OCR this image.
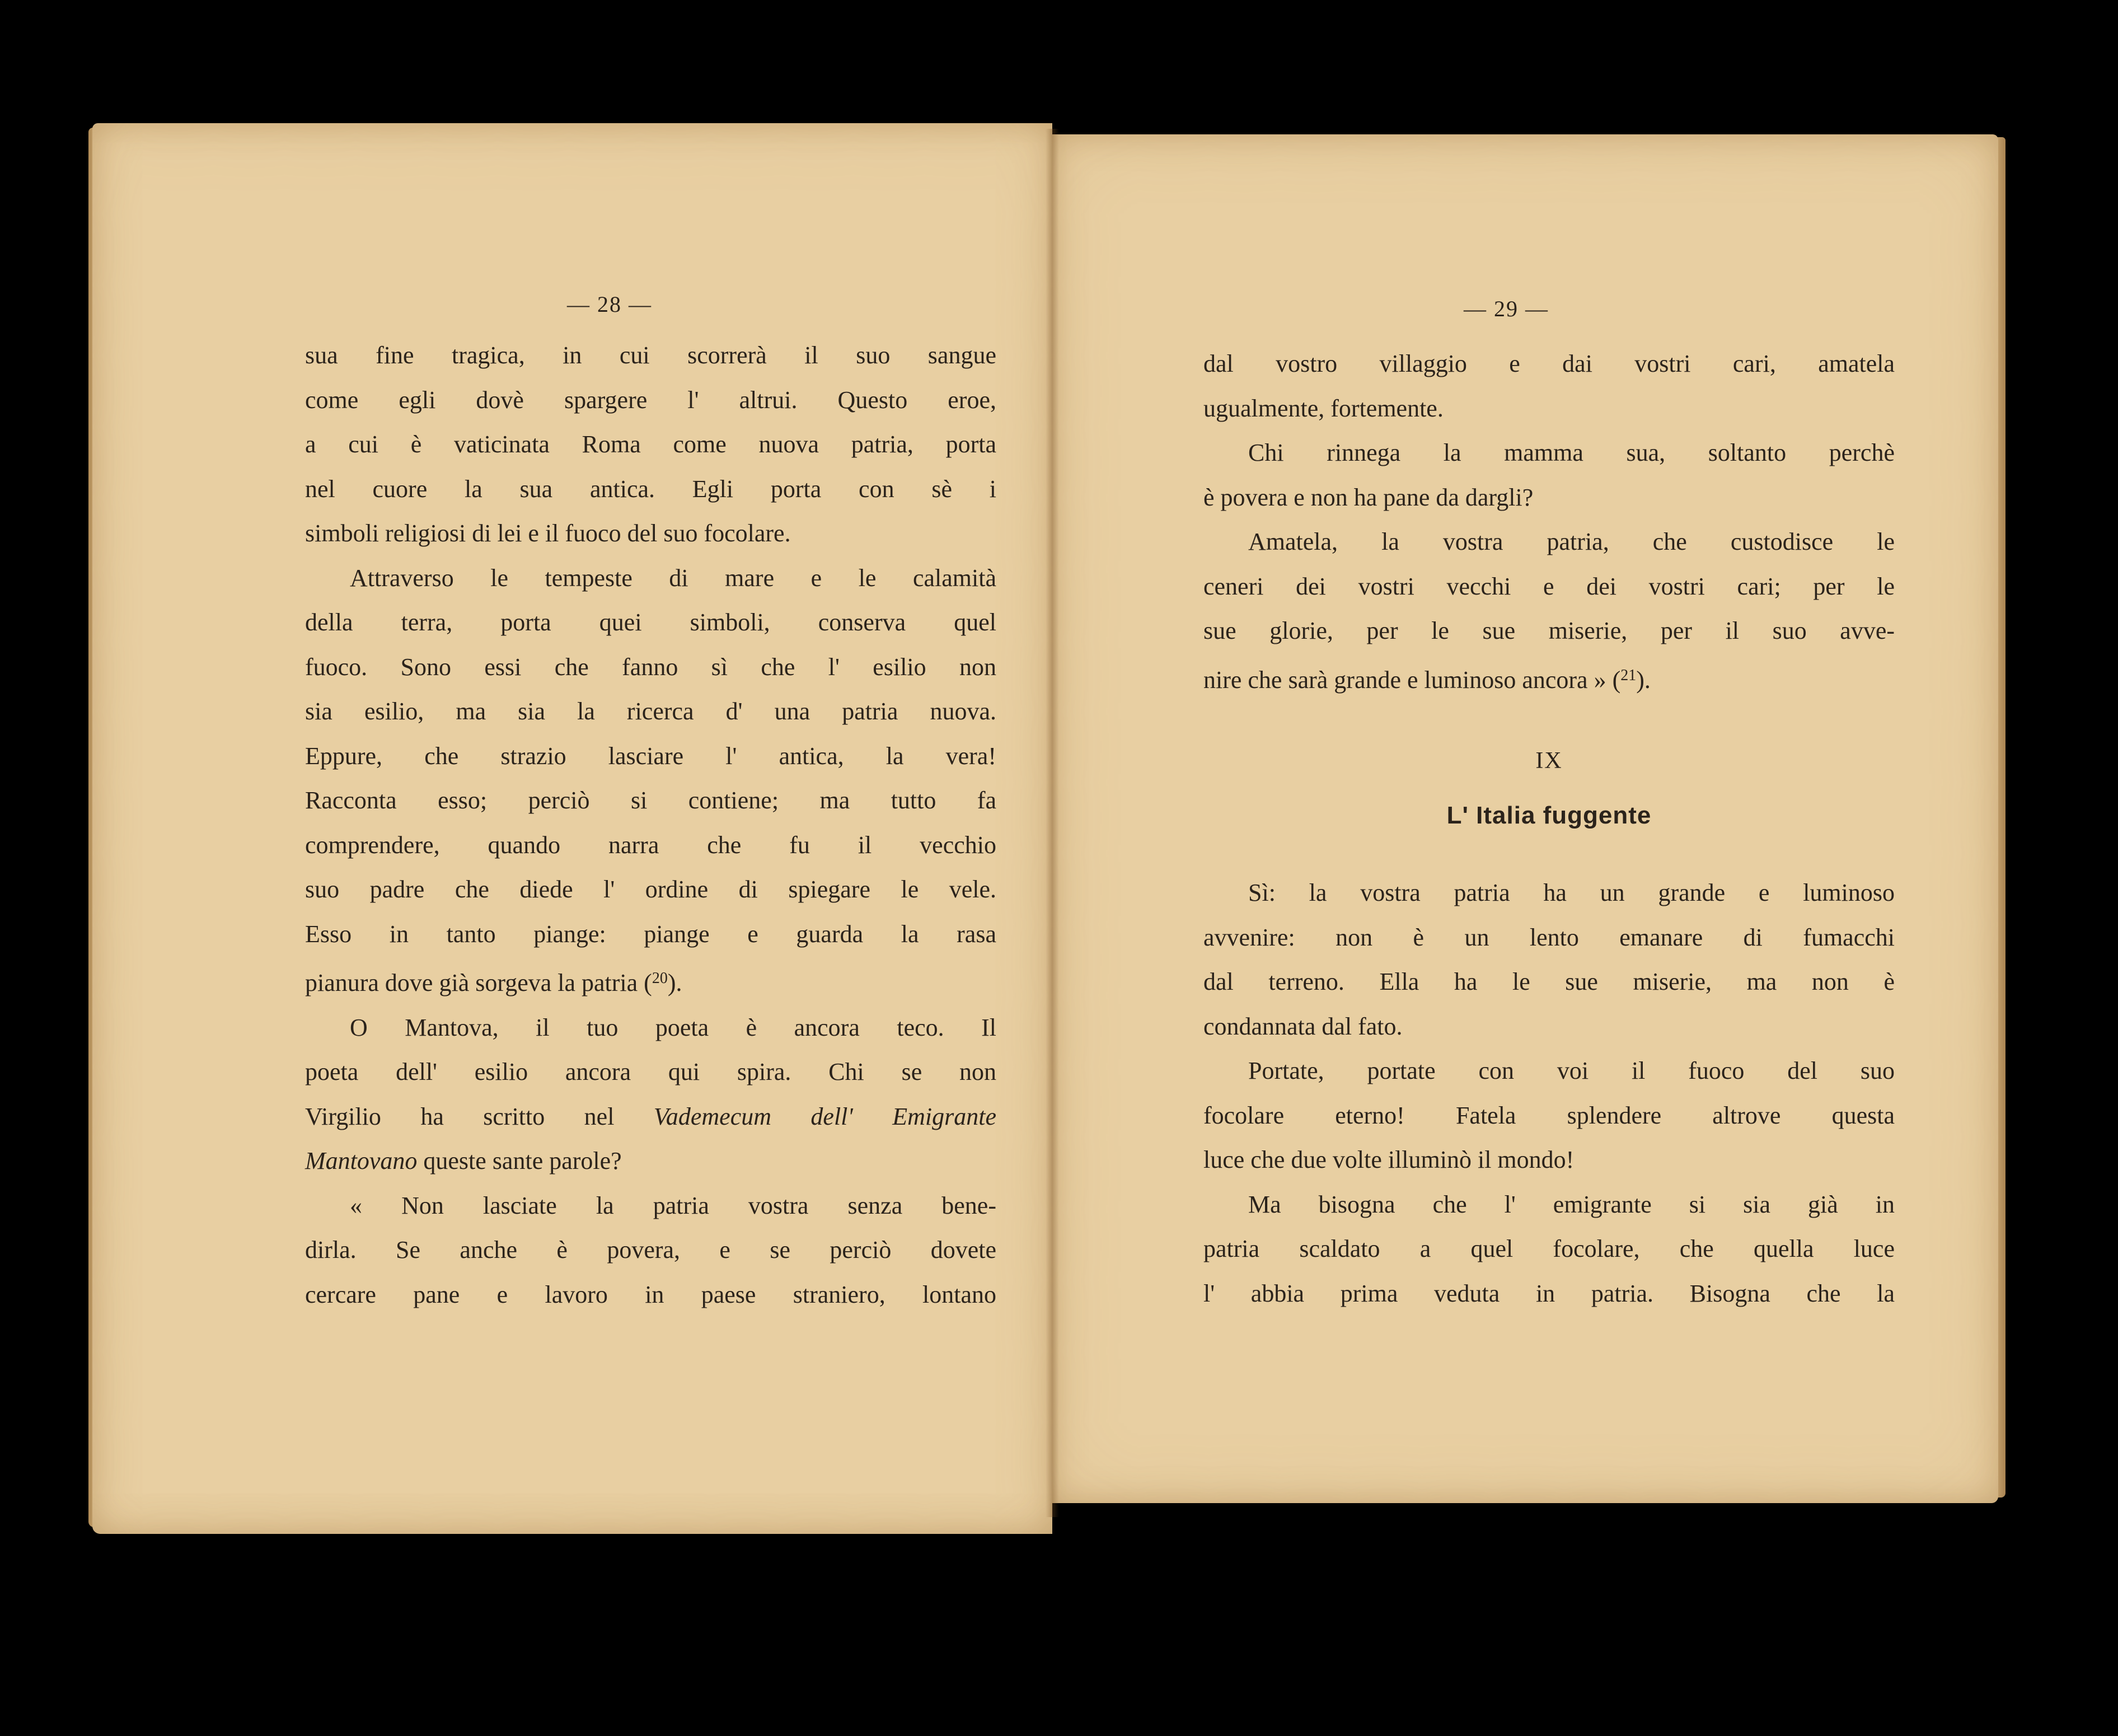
— 28 —
sua fine tragica, in cui scorrerà il suo sangue
come egli dovè spargere l' altrui. Questo eroe,
a cui è vaticinata Roma come nuova patria, porta
nel cuore la sua antica. Egli porta con sè i
simboli religiosi di lei e il fuoco del suo focolare.
Attraverso le tempeste di mare e le calamità
della terra, porta quei simboli, conserva quel
fuoco. Sono essi che fanno sì che l' esilio non
sia esilio, ma sia la ricerca d' una patria nuova.
Eppure, che strazio lasciare l' antica, la vera!
Racconta esso; perciò si contiene; ma tutto fa
comprendere, quando narra che fu il vecchio
suo padre che diede l' ordine di spiegare le vele.
Esso in tanto piange: piange e guarda la rasa
pianura dove già sorgeva la patria ($^{20}$).
O Mantova, il tuo poeta è ancora teco. Il
poeta dell' esilio ancora qui spira. Chi se non
Virgilio ha scritto nel Vademecum dell' Emigrante
Mantovano queste sante parole?
« Non lasciate la patria vostra senza bene-
dirla. Se anche è povera, e se perciò dovete
cercare pane e lavoro in paese straniero, lontano
— 29 —
dal vostro villaggio e dai vostri cari, amatela
ugualmente, fortemente.
Chi rinnega la mamma sua, soltanto perchè
è povera e non ha pane da dargli?
Amatela, la vostra patria, che custodisce le
ceneri dei vostri vecchi e dei vostri cari; per le
sue glorie, per le sue miserie, per il suo avve-
nire che sarà grande e luminoso ancora » ($^{21}$).
IX
L' Italia fuggente
Sì: la vostra patria ha un grande e luminoso
avvenire: non è un lento emanare di fumacchi
dal terreno. Ella ha le sue miserie, ma non è
condannata dal fato.
Portate, portate con voi il fuoco del suo
focolare eterno! Fatela splendere altrove questa
luce che due volte illuminò il mondo!
Ma bisogna che l' emigrante si sia già in
patria scaldato a quel focolare, che quella luce
l' abbia prima veduta in patria. Bisogna che la
